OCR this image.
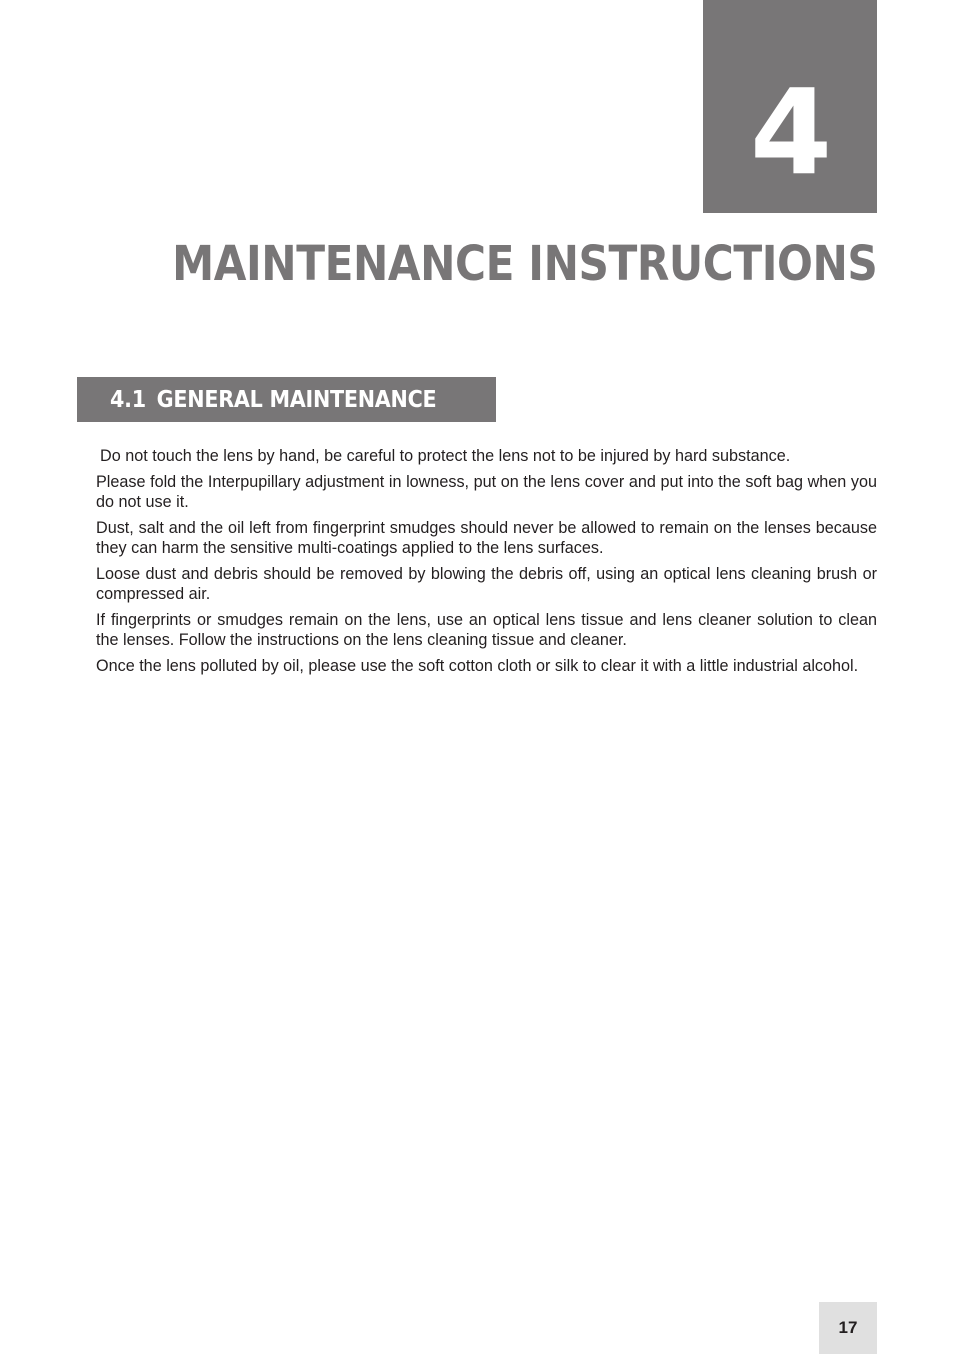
4
MAINTENANCE INSTRUCTIONS
4.1 GENERAL MAINTENANCE

Do not touch the lens by hand, be careful to protect the lens not to be injured by hard substance.

Please fold the Interpupillary adjustment in lowness, put on the lens cover and put into the soft bag when you do not use it.

Dust, salt and the oil left from fingerprint smudges should never be allowed to remain on the lenses because they can harm the sensitive multi-coatings applied to the lens surfaces.

Loose dust and debris should be removed by blowing the debris off, using an optical lens cleaning brush or compressed air.

If fingerprints or smudges remain on the lens, use an optical lens tissue and lens cleaner solution to clean the lenses. Follow the instructions on the lens cleaning tissue and cleaner.

Once the lens polluted by oil, please use the soft cotton cloth or silk to clear it with a little industrial alcohol.

17
